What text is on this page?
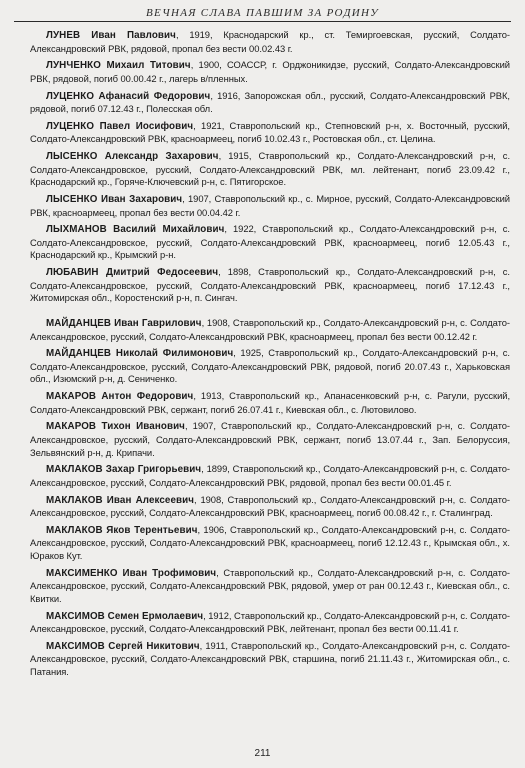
ВЕЧНАЯ СЛАВА ПАВШИМ ЗА РОДИНУ

ЛУНЕВ Иван Павлович, 1919, Краснодарский кр., ст. Темиргоевская, русский, Солдато-Александровский РВК, рядовой, пропал без вести 00.02.43 г.

ЛУНЧЕНКО Михаил Титович, 1900, СОАССР, г. Орджоникидзе, русский, Солдато-Александровский РВК, рядовой, погиб 00.00.42 г., лагерь в/пленных.

ЛУЦЕНКО Афанасий Федорович, 1916, Запорожская обл., русский, Солдато-Александровский РВК, рядовой, погиб 07.12.43 г., Полесская обл.

ЛУЦЕНКО Павел Иосифович, 1921, Ставропольский кр., Степновский р-н, х. Восточный, русский, Солдато-Александровский РВК, красноармеец, погиб 10.02.43 г., Ростовская обл., ст. Целина.

ЛЫСЕНКО Александр Захарович, 1915, Ставропольский кр., Солдато-Александровский р-н, с. Солдато-Александровское, русский, Солдато-Александровский РВК, мл. лейтенант, погиб 23.09.42 г., Краснодарский кр., Горяче-Ключевский р-н, с. Пятигорское.

ЛЫСЕНКО Иван Захарович, 1907, Ставропольский кр., с. Мирное, русский, Солдато-Александровский РВК, красноармеец, пропал без вести 00.04.42 г.

ЛЫХМАНОВ Василий Михайлович, 1922, Ставропольский кр., Солдато-Александровский р-н, с. Солдато-Александровское, русский, Солдато-Александровский РВК, красноармеец, погиб 12.05.43 г., Краснодарский кр., Крымский р-н.

ЛЮБАВИН Дмитрий Федосеевич, 1898, Ставропольский кр., Солдато-Александровский р-н, с. Солдато-Александровское, русский, Солдато-Александровский РВК, красноармеец, погиб 17.12.43 г., Житомирская обл., Коростенский р-н, п. Сингач.

МАЙДАНЦЕВ Иван Гаврилович, 1908, Ставропольский кр., Солдато-Александровский р-н, с. Солдато-Александровское, русский, Солдато-Александровский РВК, красноармеец, пропал без вести 00.12.42 г.

МАЙДАНЦЕВ Николай Филимонович, 1925, Ставропольский кр., Солдато-Александровский р-н, с. Солдато-Александровское, русский, Солдато-Александровский РВК, рядовой, погиб 20.07.43 г., Харьковская обл., Изюмский р-н, д. Сениченко.

МАКАРОВ Антон Федорович, 1913, Ставропольский кр., Апанасенковский р-н, с. Рагули, русский, Солдато-Александровский РВК, сержант, погиб 26.07.41 г., Киевская обл., с. Лютовилово.

МАКАРОВ Тихон Иванович, 1907, Ставропольский кр., Солдато-Александровский р-н, с. Солдато-Александровское, русский, Солдато-Александровский РВК, сержант, погиб 13.07.44 г., Зап. Белоруссия, Зельвянский р-н, д. Крипачи.

МАКЛАКОВ Захар Григорьевич, 1899, Ставропольский кр., Солдато-Александровский р-н, с. Солдато-Александровское, русский, Солдато-Александровский РВК, рядовой, пропал без вести 00.01.45 г.

МАКЛАКОВ Иван Алексеевич, 1908, Ставропольский кр., Солдато-Александровский р-н, с. Солдато-Александровское, русский, Солдато-Александровский РВК, красноармеец, погиб 00.08.42 г., г. Сталинград.

МАКЛАКОВ Яков Терентьевич, 1906, Ставропольский кр., Солдато-Александровский р-н, с. Солдато-Александровское, русский, Солдато-Александровский РВК, красноармеец, погиб 12.12.43 г., Крымская обл., х. Юраков Кут.

МАКСИМЕНКО Иван Трофимович, Ставропольский кр., Солдато-Александровский р-н, с. Солдато-Александровское, русский, Солдато-Александровский РВК, рядовой, умер от ран 00.12.43 г., Киевская обл., с. Квитки.

МАКСИМОВ Семен Ермолаевич, 1912, Ставропольский кр., Солдато-Александровский р-н, с. Солдато-Александровское, русский, Солдато-Александровский РВК, лейтенант, пропал без вести 00.11.41 г.

МАКСИМОВ Сергей Никитович, 1911, Ставропольский кр., Солдато-Александровский р-н, с. Солдато-Александровское, русский, Солдато-Александровский РВК, старшина, погиб 21.11.43 г., Житомирская обл., с. Патания.

211
